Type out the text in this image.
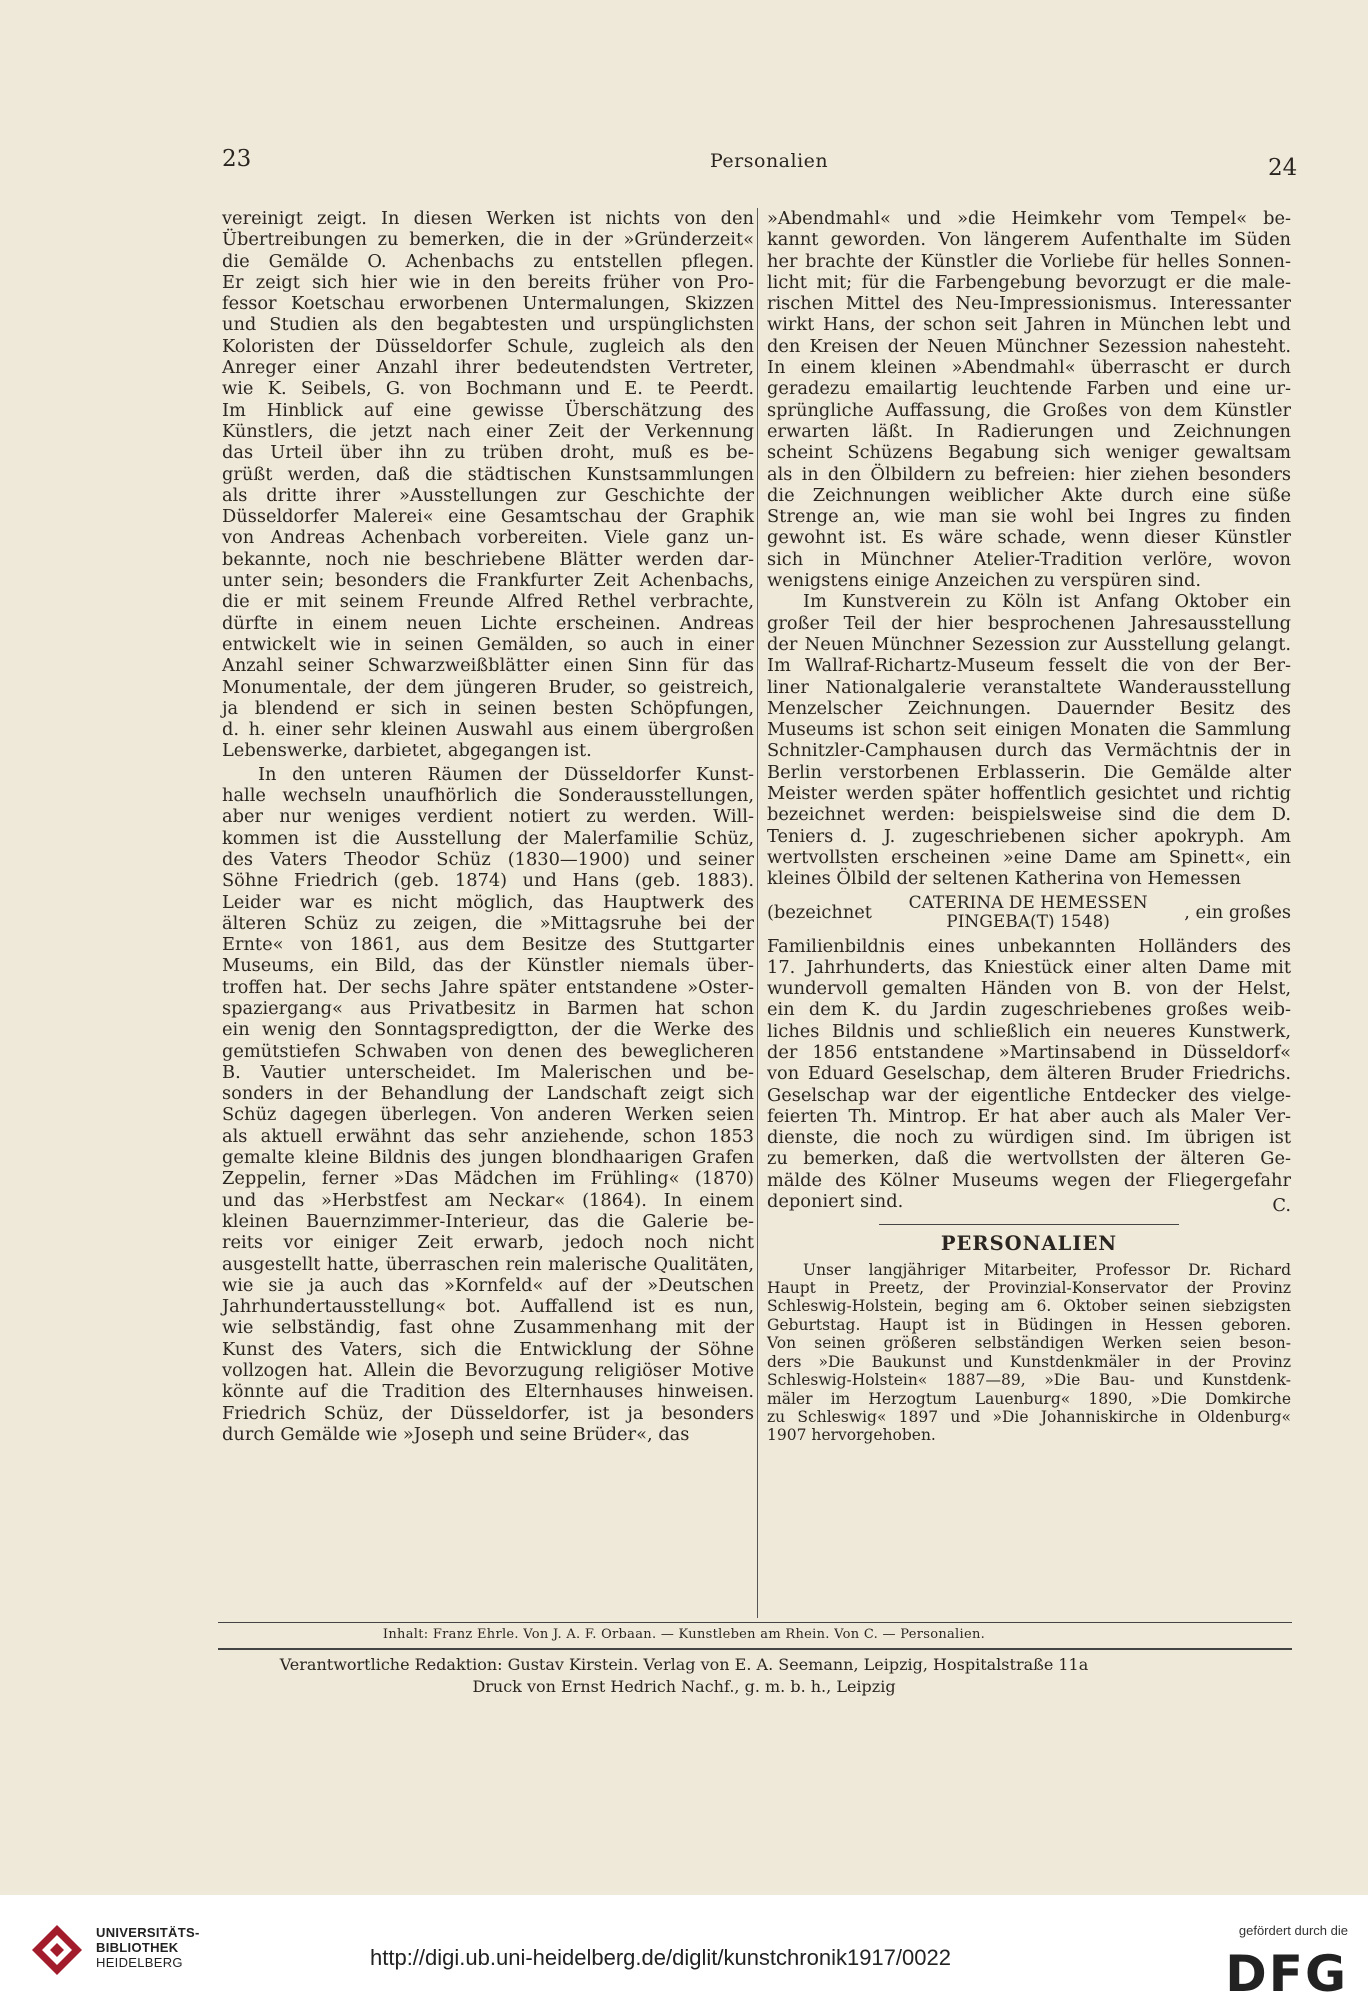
23	Personalien	24

vereinigt zeigt. In diesen Werken ist nichts von den
Übertreibungen zu bemerken, die in der »Gründerzeit«
die Gemälde O. Achenbachs zu entstellen pflegen.
Er zeigt sich hier wie in den bereits früher von Pro-
fessor Koetschau erworbenen Untermalungen, Skizzen
und Studien als den begabtesten und urspünglichsten
Koloristen der Düsseldorfer Schule, zugleich als den
Anreger einer Anzahl ihrer bedeutendsten Vertreter,
wie K. Seibels, G. von Bochmann und E. te Peerdt.
Im Hinblick auf eine gewisse Überschätzung des
Künstlers, die jetzt nach einer Zeit der Verkennung
das Urteil über ihn zu trüben droht, muß es be-
grüßt werden, daß die städtischen Kunstsammlungen
als dritte ihrer »Ausstellungen zur Geschichte der
Düsseldorfer Malerei« eine Gesamtschau der Graphik
von Andreas Achenbach vorbereiten. Viele ganz un-
bekannte, noch nie beschriebene Blätter werden dar-
unter sein; besonders die Frankfurter Zeit Achenbachs,
die er mit seinem Freunde Alfred Rethel verbrachte,
dürfte in einem neuen Lichte erscheinen. Andreas
entwickelt wie in seinen Gemälden, so auch in einer
Anzahl seiner Schwarzweißblätter einen Sinn für das
Monumentale, der dem jüngeren Bruder, so geistreich,
ja blendend er sich in seinen besten Schöpfungen,
d. h. einer sehr kleinen Auswahl aus einem übergroßen
Lebenswerke, darbietet, abgegangen ist.

In den unteren Räumen der Düsseldorfer Kunst-
halle wechseln unaufhörlich die Sonderausstellungen,
aber nur weniges verdient notiert zu werden. Will-
kommen ist die Ausstellung der Malerfamilie Schüz,
des Vaters Theodor Schüz (1830—1900) und seiner
Söhne Friedrich (geb. 1874) und Hans (geb. 1883).
Leider war es nicht möglich, das Hauptwerk des
älteren Schüz zu zeigen, die »Mittagsruhe bei der
Ernte« von 1861, aus dem Besitze des Stuttgarter
Museums, ein Bild, das der Künstler niemals über-
troffen hat. Der sechs Jahre später entstandene »Oster-
spaziergang« aus Privatbesitz in Barmen hat schon
ein wenig den Sonntagspredigtton, der die Werke des
gemütstiefen Schwaben von denen des beweglicheren
B. Vautier unterscheidet. Im Malerischen und be-
sonders in der Behandlung der Landschaft zeigt sich
Schüz dagegen überlegen. Von anderen Werken seien
als aktuell erwähnt das sehr anziehende, schon 1853
gemalte kleine Bildnis des jungen blondhaarigen Grafen
Zeppelin, ferner »Das Mädchen im Frühling« (1870)
und das »Herbstfest am Neckar« (1864). In einem
kleinen Bauernzimmer-Interieur, das die Galerie be-
reits vor einiger Zeit erwarb, jedoch noch nicht
ausgestellt hatte, überraschen rein malerische Qualitäten,
wie sie ja auch das »Kornfeld« auf der »Deutschen
Jahrhundertausstellung« bot. Auffallend ist es nun,
wie selbständig, fast ohne Zusammenhang mit der
Kunst des Vaters, sich die Entwicklung der Söhne
vollzogen hat. Allein die Bevorzugung religiöser Motive
könnte auf die Tradition des Elternhauses hinweisen.
Friedrich Schüz, der Düsseldorfer, ist ja besonders
durch Gemälde wie »Joseph und seine Brüder«, das

»Abendmahl« und »die Heimkehr vom Tempel« be-
kannt geworden. Von längerem Aufenthalte im Süden
her brachte der Künstler die Vorliebe für helles Sonnen-
licht mit; für die Farbengebung bevorzugt er die male-
rischen Mittel des Neu-Impressionismus. Interessanter
wirkt Hans, der schon seit Jahren in München lebt und
den Kreisen der Neuen Münchner Sezession nahesteht.
In einem kleinen »Abendmahl« überrascht er durch
geradezu emailartig leuchtende Farben und eine ur-
sprüngliche Auffassung, die Großes von dem Künstler
erwarten läßt. In Radierungen und Zeichnungen
scheint Schüzens Begabung sich weniger gewaltsam
als in den Ölbildern zu befreien: hier ziehen besonders
die Zeichnungen weiblicher Akte durch eine süße
Strenge an, wie man sie wohl bei Ingres zu finden
gewohnt ist. Es wäre schade, wenn dieser Künstler
sich in Münchner Atelier-Tradition verlöre, wovon
wenigstens einige Anzeichen zu verspüren sind.

Im Kunstverein zu Köln ist Anfang Oktober ein
großer Teil der hier besprochenen Jahresausstellung
der Neuen Münchner Sezession zur Ausstellung gelangt.
Im Wallraf-Richartz-Museum fesselt die von der Ber-
liner Nationalgalerie veranstaltete Wanderausstellung
Menzelscher Zeichnungen. Dauernder Besitz des
Museums ist schon seit einigen Monaten die Sammlung
Schnitzler-Camphausen durch das Vermächtnis der in
Berlin verstorbenen Erblasserin. Die Gemälde alter
Meister werden später hoffentlich gesichtet und richtig
bezeichnet werden: beispielsweise sind die dem D.
Teniers d. J. zugeschriebenen sicher apokryph. Am
wertvollsten erscheinen »eine Dame am Spinett«, ein
kleines Ölbild der seltenen Katherina von Hemessen

(bezeichnet CATERINA DE HEMESSEN
PINGEBA(T) 1548)	, ein großes

Familienbildnis eines unbekannten Holländers des
17. Jahrhunderts, das Kniestück einer alten Dame mit
wundervoll gemalten Händen von B. von der Helst,
ein dem K. du Jardin zugeschriebenes großes weib-
liches Bildnis und schließlich ein neueres Kunstwerk,
der 1856 entstandene »Martinsabend in Düsseldorf«
von Eduard Geselschap, dem älteren Bruder Friedrichs.
Geselschap war der eigentliche Entdecker des vielge-
feierten Th. Mintrop. Er hat aber auch als Maler Ver-
dienste, die noch zu würdigen sind. Im übrigen ist
zu bemerken, daß die wertvollsten der älteren Ge-
mälde des Kölner Museums wegen der Fliegergefahr
deponiert sind.	C.
PERSONALIEN

Unser langjähriger Mitarbeiter, Professor Dr. Richard
Haupt in Preetz, der Provinzial-Konservator der Provinz
Schleswig-Holstein, beging am 6. Oktober seinen siebzigsten
Geburtstag. Haupt ist in Büdingen in Hessen geboren.
Von seinen größeren selbständigen Werken seien beson-
ders »Die Baukunst und Kunstdenkmäler in der Provinz
Schleswig-Holstein« 1887—89, »Die Bau- und Kunstdenk-
mäler im Herzogtum Lauenburg« 1890, »Die Domkirche
zu Schleswig« 1897 und »Die Johanniskirche in Oldenburg«
1907 hervorgehoben.

Inhalt: Franz Ehrle. Von J. A. F. Orbaan. — Kunstleben am Rhein. Von C. — Personalien.
Verantwortliche Redaktion: Gustav Kirstein. Verlag von E. A. Seemann, Leipzig, Hospitalstraße 11a
Druck von Ernst Hedrich Nachf., g. m. b. h., Leipzig
UNIVERSITÄTS-
BIBLIOTHEK
HEIDELBERG	http://digi.ub.uni-heidelberg.de/diglit/kunstchronik1917/0022
gefördert durch die
DFG
